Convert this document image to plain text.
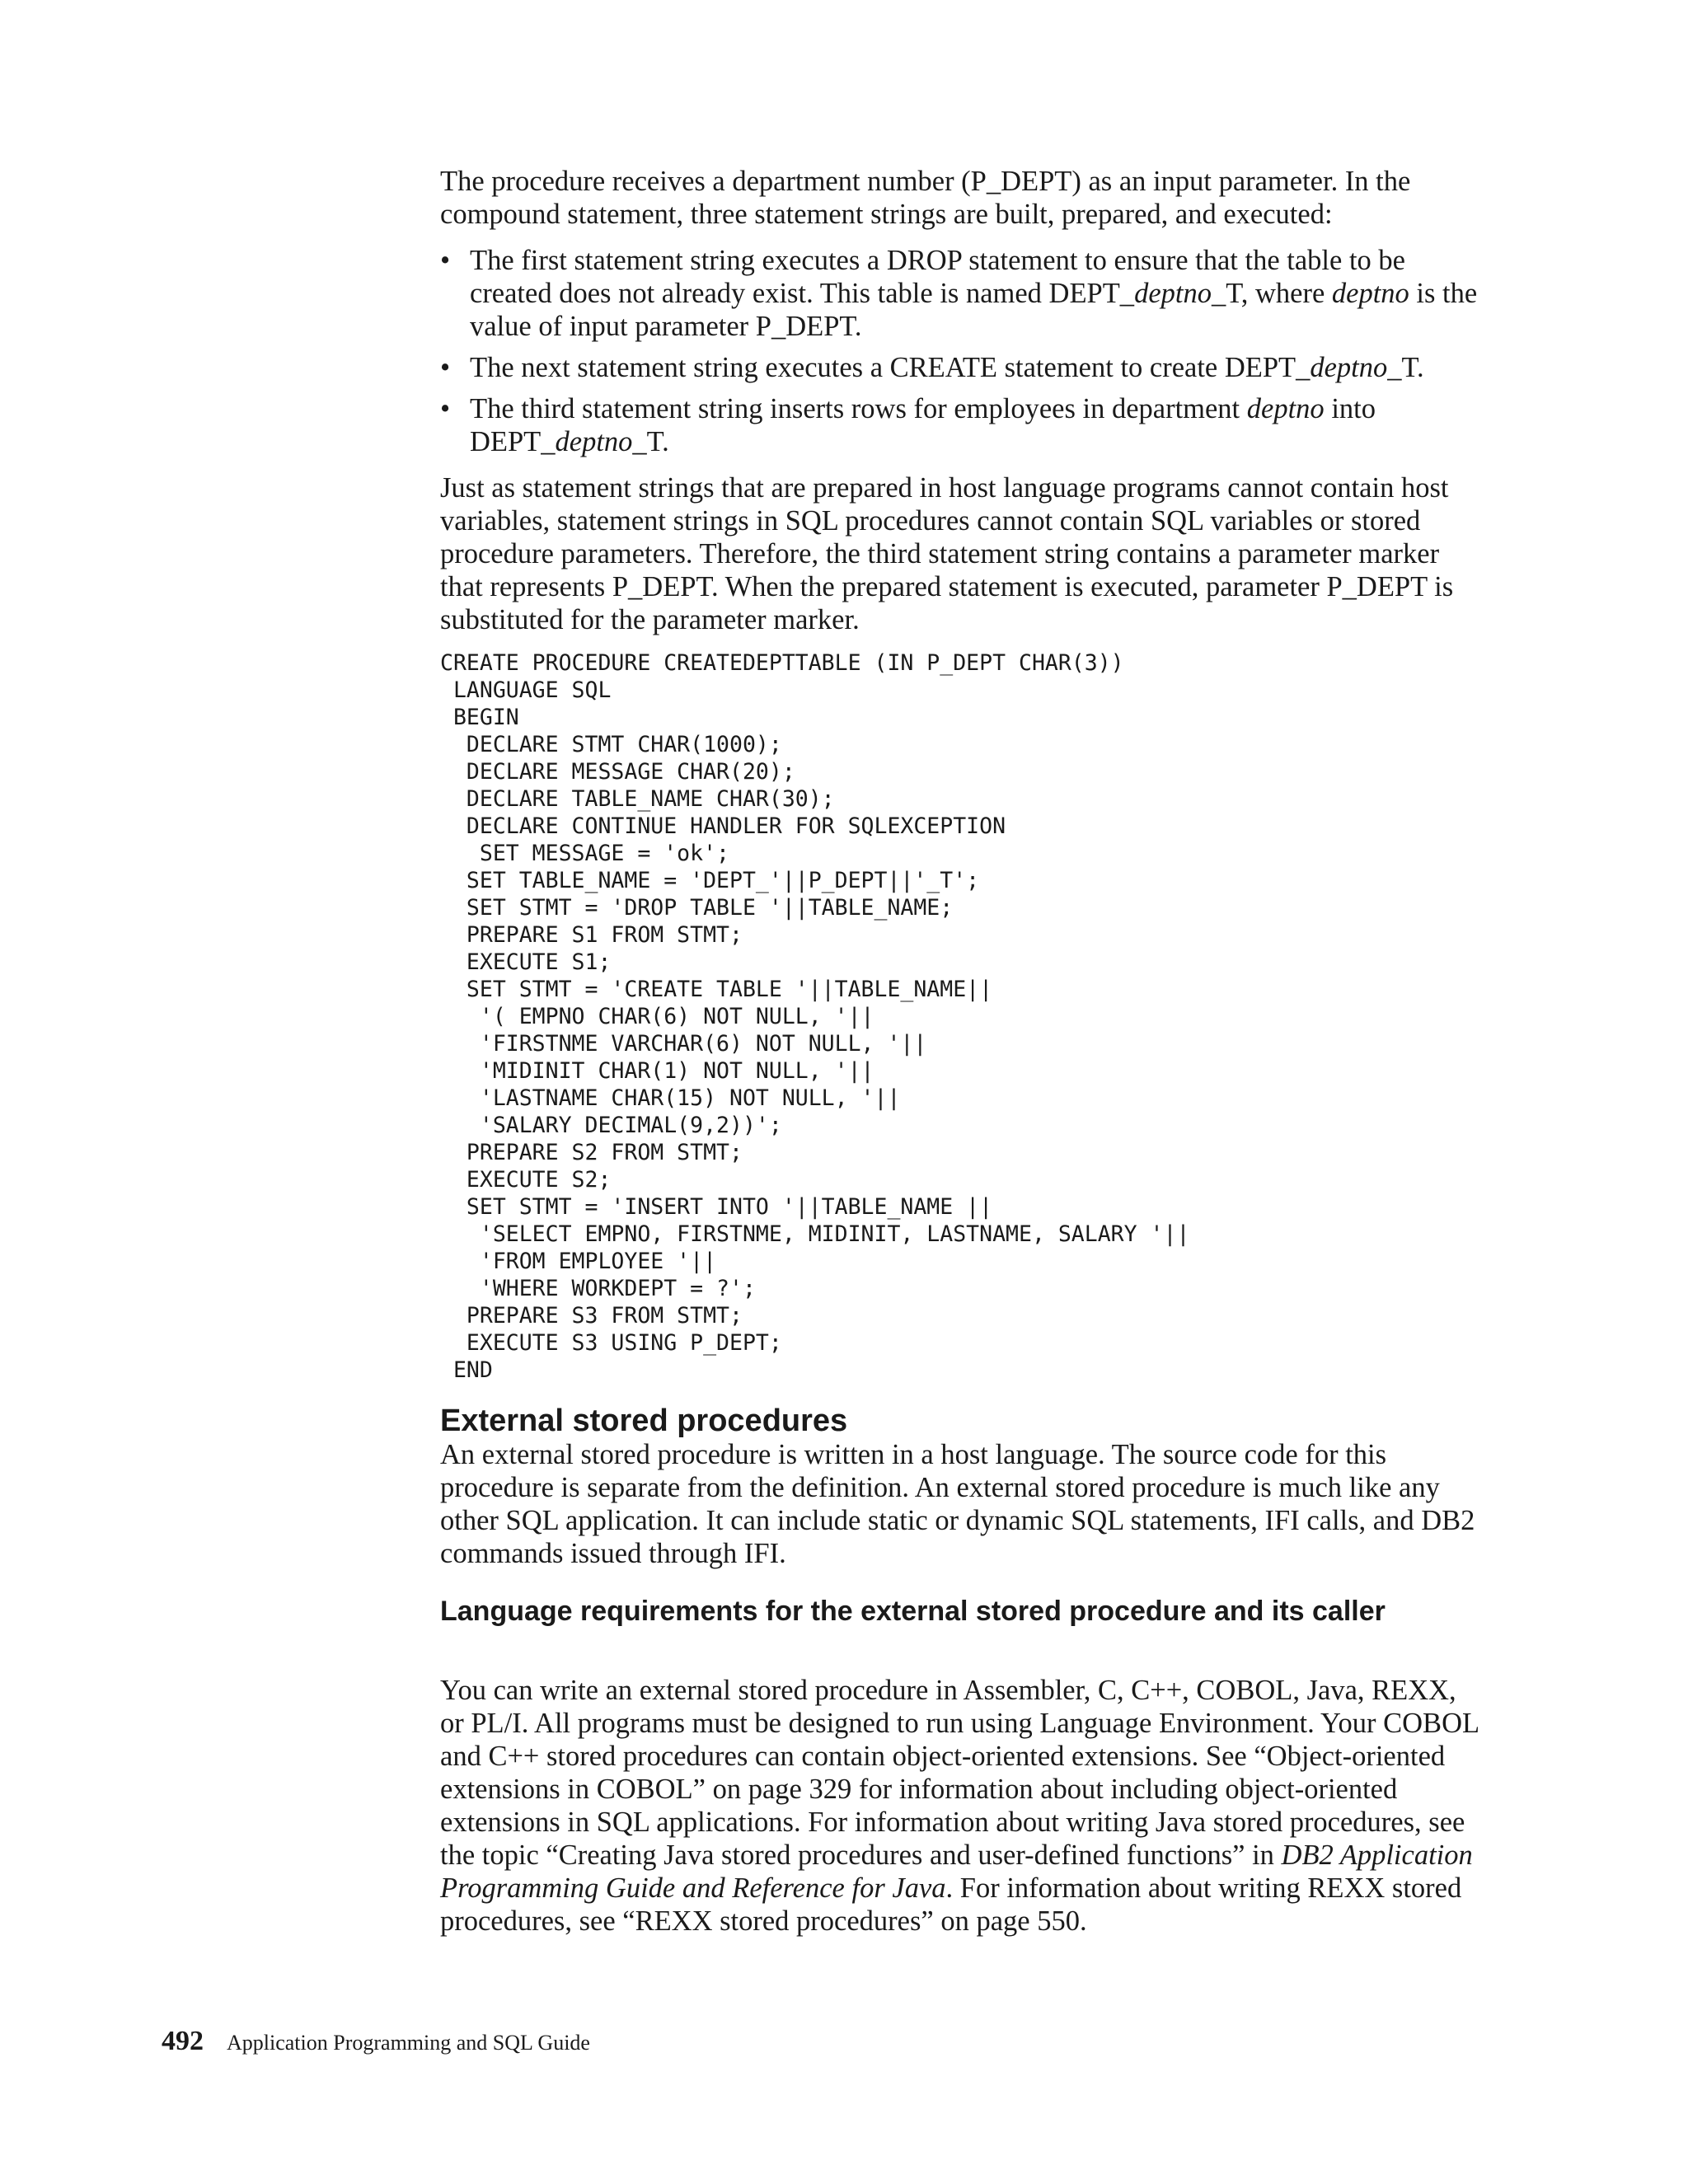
The procedure receives a department number (P_DEPT) as an input parameter. In the compound statement, three statement strings are built, prepared, and executed:

• The first statement string executes a DROP statement to ensure that the table to be created does not already exist. This table is named DEPT_deptno_T, where deptno is the value of input parameter P_DEPT.
• The next statement string executes a CREATE statement to create DEPT_deptno_T.
• The third statement string inserts rows for employees in department deptno into DEPT_deptno_T.

Just as statement strings that are prepared in host language programs cannot contain host variables, statement strings in SQL procedures cannot contain SQL variables or stored procedure parameters. Therefore, the third statement string contains a parameter marker that represents P_DEPT. When the prepared statement is executed, parameter P_DEPT is substituted for the parameter marker.

CREATE PROCEDURE CREATEDEPTTABLE (IN P_DEPT CHAR(3))
LANGUAGE SQL
BEGIN
DECLARE STMT CHAR(1000);
DECLARE MESSAGE CHAR(20);
DECLARE TABLE_NAME CHAR(30);
DECLARE CONTINUE HANDLER FOR SQLEXCEPTION
SET MESSAGE = 'ok';
SET TABLE_NAME = 'DEPT_'||P_DEPT||'_T';
SET STMT = 'DROP TABLE '||TABLE_NAME;
PREPARE S1 FROM STMT;
EXECUTE S1;
SET STMT = 'CREATE TABLE '||TABLE_NAME||
'( EMPNO CHAR(6) NOT NULL, '||
'FIRSTNME VARCHAR(6) NOT NULL, '||
'MIDINIT CHAR(1) NOT NULL, '||
'LASTNAME CHAR(15) NOT NULL, '||
'SALARY DECIMAL(9,2))';
PREPARE S2 FROM STMT;
EXECUTE S2;
SET STMT = 'INSERT INTO '||TABLE_NAME ||
'SELECT EMPNO, FIRSTNME, MIDINIT, LASTNAME, SALARY '||
'FROM EMPLOYEE '||
'WHERE WORKDEPT = ?';
PREPARE S3 FROM STMT;
EXECUTE S3 USING P_DEPT;
END
External stored procedures

An external stored procedure is written in a host language. The source code for this procedure is separate from the definition. An external stored procedure is much like any other SQL application. It can include static or dynamic SQL statements, IFI calls, and DB2 commands issued through IFI.

Language requirements for the external stored procedure and its caller

You can write an external stored procedure in Assembler, C, C++, COBOL, Java, REXX, or PL/I. All programs must be designed to run using Language Environment. Your COBOL and C++ stored procedures can contain object-oriented extensions. See “Object-oriented extensions in COBOL” on page 329 for information about including object-oriented extensions in SQL applications. For information about writing Java stored procedures, see the topic “Creating Java stored procedures and user-defined functions” in DB2 Application Programming Guide and Reference for Java. For information about writing REXX stored procedures, see “REXX stored procedures” on page 550.

492 Application Programming and SQL Guide
